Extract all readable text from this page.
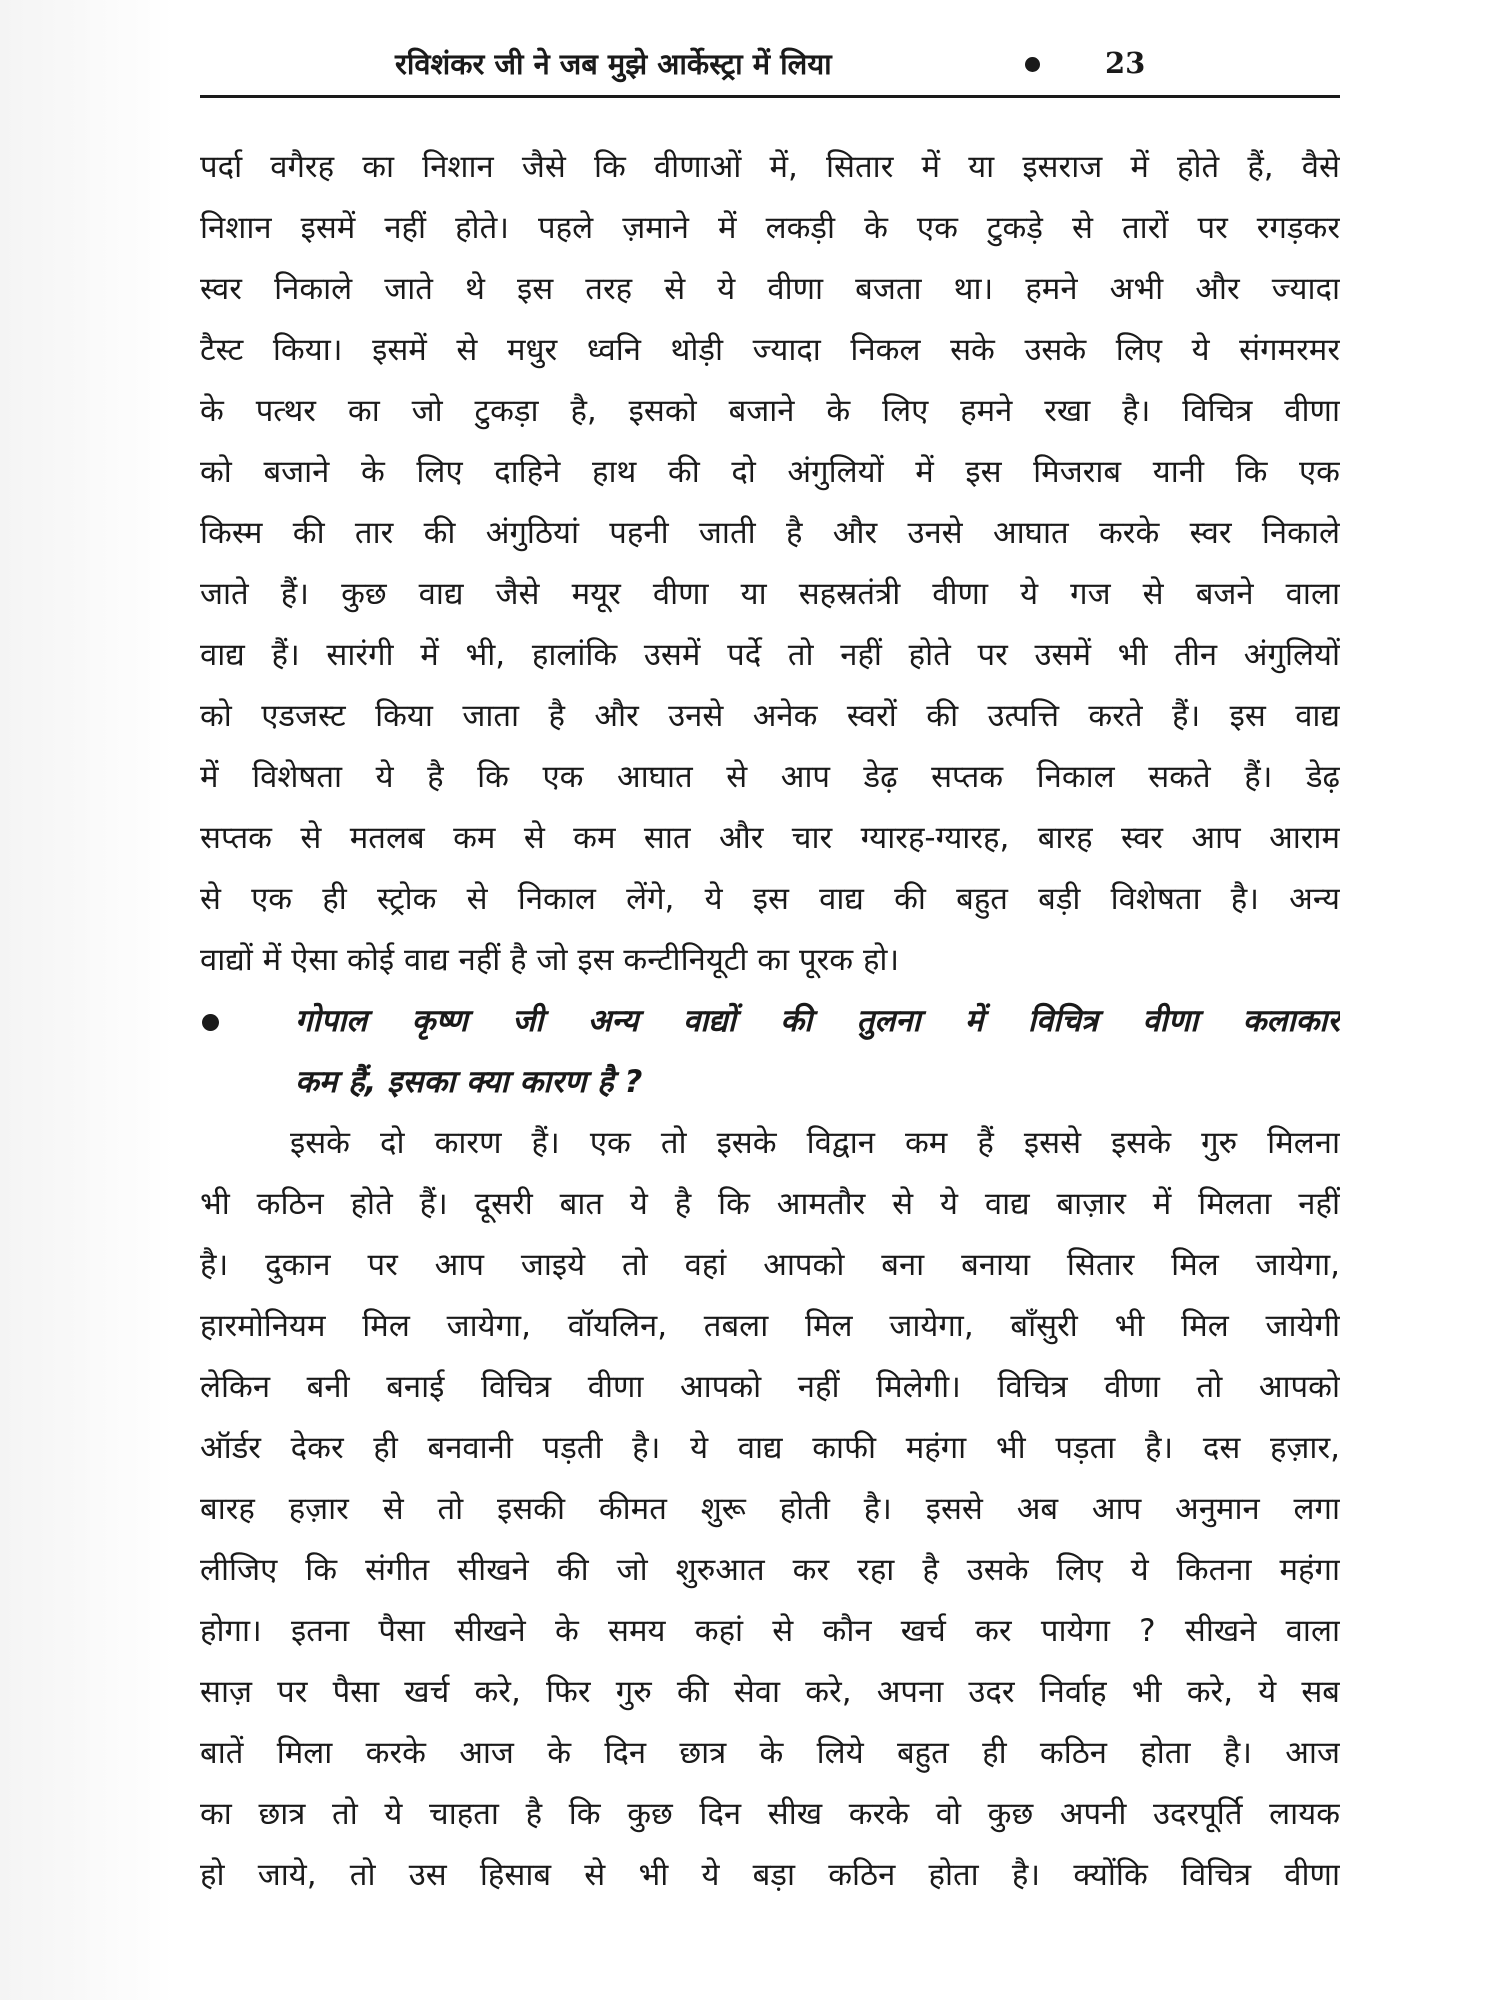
रविशंकर जी ने जब मुझे आर्केस्ट्रा में लिया	23
पर्दा वगैरह का निशान जैसे कि वीणाओं में, सितार में या इसराज में होते हैं, वैसे
निशान इसमें नहीं होते। पहले ज़माने में लकड़ी के एक टुकड़े से तारों पर रगड़कर
स्वर निकाले जाते थे इस तरह से ये वीणा बजता था। हमने अभी और ज्यादा
टैस्ट किया। इसमें से मधुर ध्वनि थोड़ी ज्यादा निकल सके उसके लिए ये संगमरमर
के पत्थर का जो टुकड़ा है, इसको बजाने के लिए हमने रखा है। विचित्र वीणा
को बजाने के लिए दाहिने हाथ की दो अंगुलियों में इस मिजराब यानी कि एक
किस्म की तार की अंगुठियां पहनी जाती है और उनसे आघात करके स्वर निकाले
जाते हैं। कुछ वाद्य जैसे मयूर वीणा या सहस्रतंत्री वीणा ये गज से बजने वाला
वाद्य हैं। सारंगी में भी, हालांकि उसमें पर्दे तो नहीं होते पर उसमें भी तीन अंगुलियों
को एडजस्ट किया जाता है और उनसे अनेक स्वरों की उत्पत्ति करते हैं। इस वाद्य
में विशेषता ये है कि एक आघात से आप डेढ़ सप्तक निकाल सकते हैं। डेढ़
सप्तक से मतलब कम से कम सात और चार ग्यारह-ग्यारह, बारह स्वर आप आराम
से एक ही स्ट्रोक से निकाल लेंगे, ये इस वाद्य की बहुत बड़ी विशेषता है। अन्य
वाद्यों में ऐसा कोई वाद्य नहीं है जो इस कन्टीनियूटी का पूरक हो।
गोपाल कृष्ण जी अन्य वाद्यों की तुलना में विचित्र वीणा कलाकार
कम हैं, इसका क्या कारण है ?
इसके दो कारण हैं। एक तो इसके विद्वान कम हैं इससे इसके गुरु मिलना
भी कठिन होते हैं। दूसरी बात ये है कि आमतौर से ये वाद्य बाज़ार में मिलता नहीं
है। दुकान पर आप जाइये तो वहां आपको बना बनाया सितार मिल जायेगा,
हारमोनियम मिल जायेगा, वॉयलिन, तबला मिल जायेगा, बाँसुरी भी मिल जायेगी
लेकिन बनी बनाई विचित्र वीणा आपको नहीं मिलेगी। विचित्र वीणा तो आपको
ऑर्डर देकर ही बनवानी पड़ती है। ये वाद्य काफी महंगा भी पड़ता है। दस हज़ार,
बारह हज़ार से तो इसकी कीमत शुरू होती है। इससे अब आप अनुमान लगा
लीजिए कि संगीत सीखने की जो शुरुआत कर रहा है उसके लिए ये कितना महंगा
होगा। इतना पैसा सीखने के समय कहां से कौन खर्च कर पायेगा ? सीखने वाला
साज़ पर पैसा खर्च करे, फिर गुरु की सेवा करे, अपना उदर निर्वाह भी करे, ये सब
बातें मिला करके आज के दिन छात्र के लिये बहुत ही कठिन होता है। आज
का छात्र तो ये चाहता है कि कुछ दिन सीख करके वो कुछ अपनी उदरपूर्ति लायक
हो जाये, तो उस हिसाब से भी ये बड़ा कठिन होता है। क्योंकि विचित्र वीणा
